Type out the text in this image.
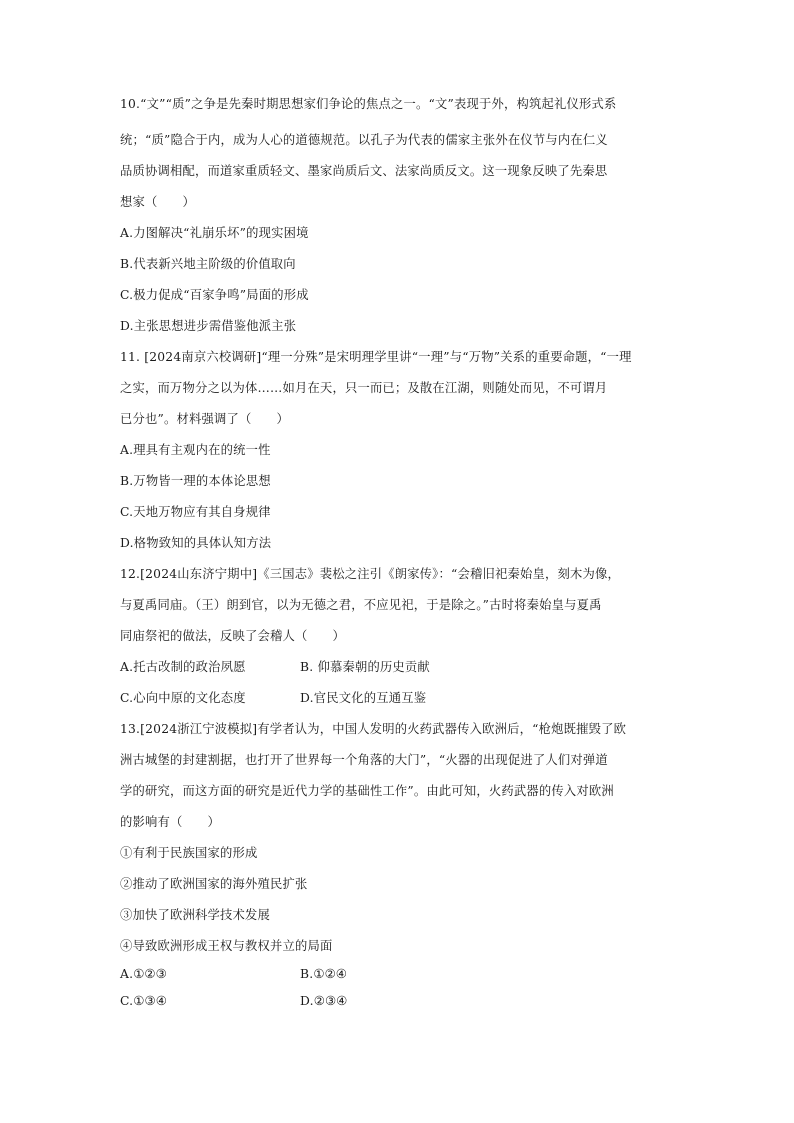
10.“文”“质”之争是先秦时期思想家们争论的焦点之一。“文”表现于外，构筑起礼仪形式系
统；“质”隐合于内，成为人心的道德规范。以孔子为代表的儒家主张外在仪节与内在仁义
品质协调相配，而道家重质轻文、墨家尚质后文、法家尚质反文。这一现象反映了先秦思
想家（　　）
A.力图解决“礼崩乐坏”的现实困境
B.代表新兴地主阶级的价值取向
C.极力促成“百家争鸣”局面的形成
D.主张思想进步需借鉴他派主张
11. [2024南京六校调研]“理一分殊”是宋明理学里讲“一理”与“万物”关系的重要命题，“一理
之实，而万物分之以为体……如月在天，只一而已；及散在江湖，则随处而见，不可谓月
已分也”。材料强调了（　　）
A.理具有主观内在的统一性
B.万物皆一理的本体论思想
C.天地万物应有其自身规律
D.格物致知的具体认知方法
12.[2024山东济宁期中]《三国志》裴松之注引《朗家传》：“会稽旧祀秦始皇，刻木为像，
与夏禹同庙。（王）朗到官，以为无德之君，不应见祀，于是除之。”古时将秦始皇与夏禹
同庙祭祀的做法，反映了会稽人（　　）
A.托古改制的政治夙愿	B. 仰慕秦朝的历史贡献
C.心向中原的文化态度	D.官民文化的互通互鉴
13.[2024浙江宁波模拟]有学者认为，中国人发明的火药武器传入欧洲后，“枪炮既摧毁了欧
洲古城堡的封建割据，也打开了世界每一个角落的大门”，“火器的出现促进了人们对弹道
学的研究，而这方面的研究是近代力学的基础性工作”。由此可知，火药武器的传入对欧洲
的影响有（　　）
①有利于民族国家的形成
②推动了欧洲国家的海外殖民扩张
③加快了欧洲科学技术发展
④导致欧洲形成王权与教权并立的局面
A.①②③	B.①②④
C.①③④	D.②③④
